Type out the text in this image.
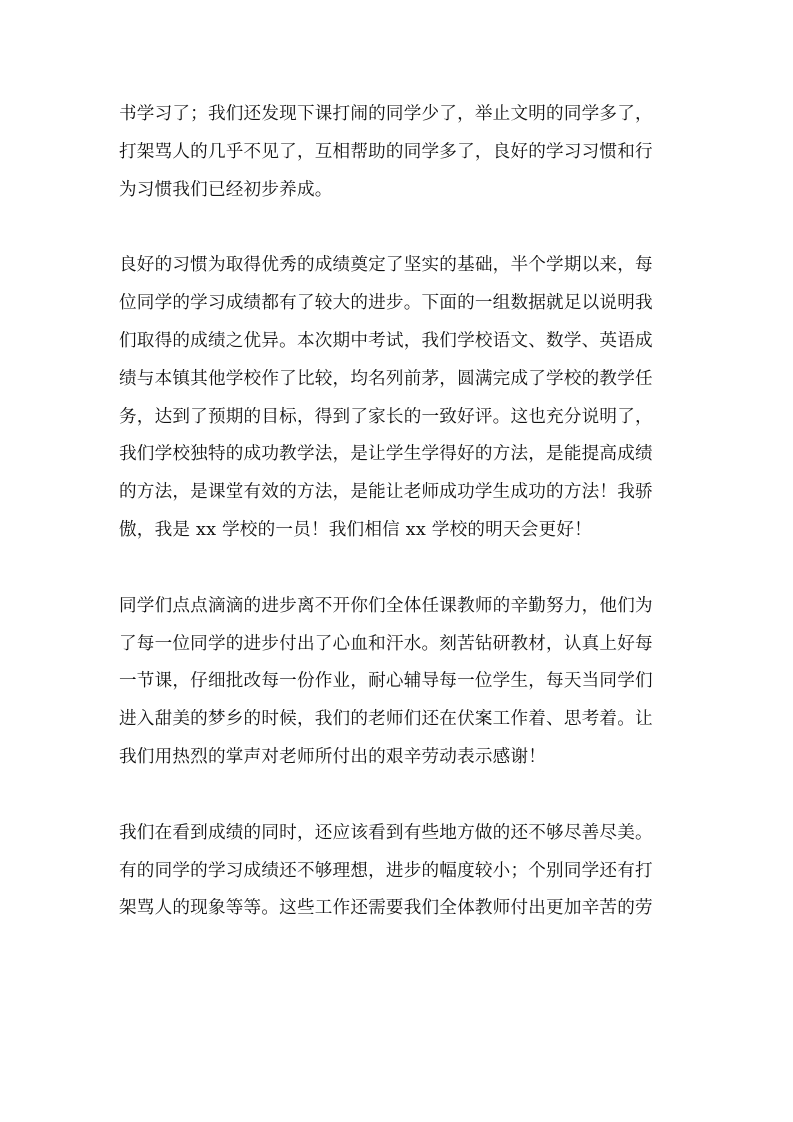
书学习了；我们还发现下课打闹的同学少了，举止文明的同学多了，
打架骂人的几乎不见了，互相帮助的同学多了，良好的学习习惯和行
为习惯我们已经初步养成。

良好的习惯为取得优秀的成绩奠定了坚实的基础，半个学期以来，每
位同学的学习成绩都有了较大的进步。下面的一组数据就足以说明我
们取得的成绩之优异。本次期中考试，我们学校语文、数学、英语成
绩与本镇其他学校作了比较，均名列前茅，圆满完成了学校的教学任
务，达到了预期的目标，得到了家长的一致好评。这也充分说明了，
我们学校独特的成功教学法，是让学生学得好的方法，是能提高成绩
的方法，是课堂有效的方法，是能让老师成功学生成功的方法！我骄
傲，我是 xx 学校的一员！我们相信 xx 学校的明天会更好！

同学们点点滴滴的进步离不开你们全体任课教师的辛勤努力，他们为
了每一位同学的进步付出了心血和汗水。刻苦钻研教材，认真上好每
一节课，仔细批改每一份作业，耐心辅导每一位学生，每天当同学们
进入甜美的梦乡的时候，我们的老师们还在伏案工作着、思考着。让
我们用热烈的掌声对老师所付出的艰辛劳动表示感谢！

我们在看到成绩的同时，还应该看到有些地方做的还不够尽善尽美。
有的同学的学习成绩还不够理想，进步的幅度较小；个别同学还有打
架骂人的现象等等。这些工作还需要我们全体教师付出更加辛苦的劳
